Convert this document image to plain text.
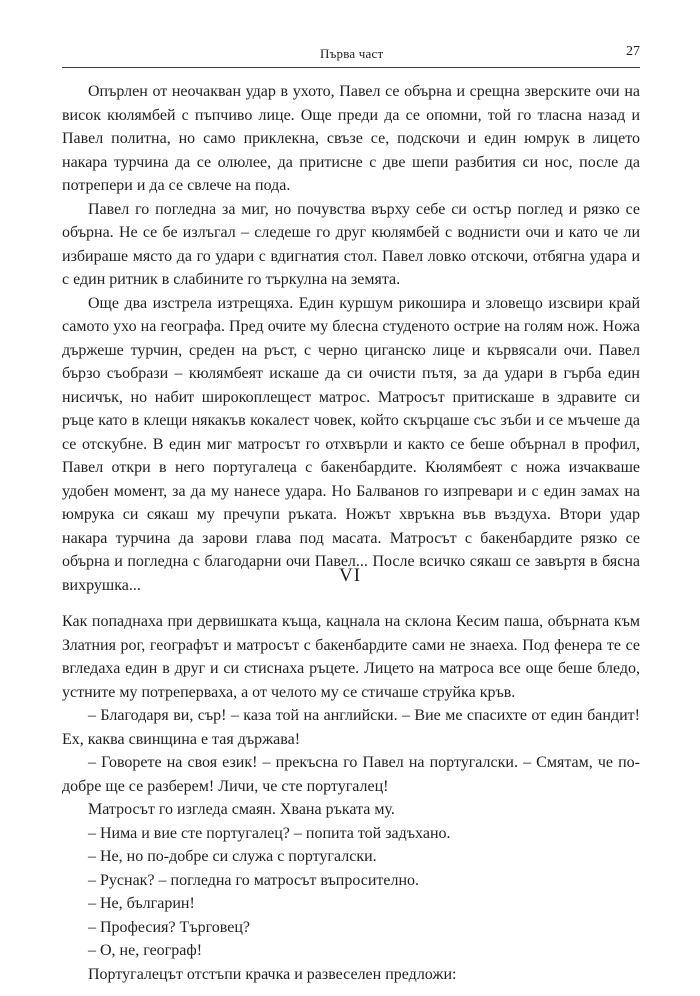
Първа част	27

Опърлен от неочакван удар в ухото, Павел се обърна и срещна зверските очи на висок кюлямбей с пъпчиво лице. Още преди да се опомни, той го тласна назад и Павел политна, но само приклекна, свъзе се, подскочи и един юмрук в лицето накара турчина да се олюлее, да притисне с две шепи разбития си нос, после да потрепери и да се свлече на пода.

Павел го погледна за миг, но почувства върху себе си остър поглед и рязко се обърна. Не се бе излъгал – следеше го друг кюлямбей с воднисти очи и като че ли избираше място да го удари с вдигнатия стол. Павел ловко отскочи, отбягна удара и с един ритник в слабините го търкулна на земята.

Още два изстрела изтрещяха. Един куршум рикошира и зловещо изсвири край самото ухо на географа. Пред очите му блесна студеното острие на голям нож. Ножа държеше турчин, среден на ръст, с черно циганско лице и кървясали очи. Павел бързо съобрази – кюлямбеят искаше да си очисти пътя, за да удари в гърба един нисичък, но набит широкоплещест матрос. Матросът притискаше в здравите си ръце като в клещи някакъв кокалест човек, който скърцаше със зъби и се мъчеше да се отскубне. В един миг матросът го отхвърли и както се беше обърнал в профил, Павел откри в него португалеца с бакенбардите. Кюлямбеят с ножа изчакваше удобен момент, за да му нанесе удара. Но Балванов го изпревари и с един замах на юмрука си сякаш му пречупи ръката. Ножът хвръкна във въздуха. Втори удар накара турчина да зарови глава под масата. Матросът с бакенбардите рязко се обърна и погледна с благодарни очи Павел... После всичко сякаш се завъртя в бясна вихрушка...	VI

Как попаднаха при дервишката къща, кацнала на склона Кесим паша, обърната към Златния рог, географът и матросът с бакенбардите сами не знаеха. Под фенера те се вгледаха един в друг и си стиснаха ръцете. Лицето на матроса все още беше бледо, устните му потреперваха, а от челото му се стичаше струйка кръв.

– Благодаря ви, сър! – каза той на английски. – Вие ме спасихте от един бандит! Ех, каква свинщина е тая държава!

– Говорете на своя език! – прекъсна го Павел на португалски. – Смятам, че по-добре ще се разберем! Личи, че сте португалец!

Матросът го изгледа смаян. Хвана ръката му.

– Нима и вие сте португалец? – попита той задъхано.

– Не, но по-добре си служа с португалски.

– Руснак? – погледна го матросът въпросително.

– Не, българин!

– Професия? Търговец?

– О, не, географ!

Португалецът отстъпи крачка и развеселен предложи:
